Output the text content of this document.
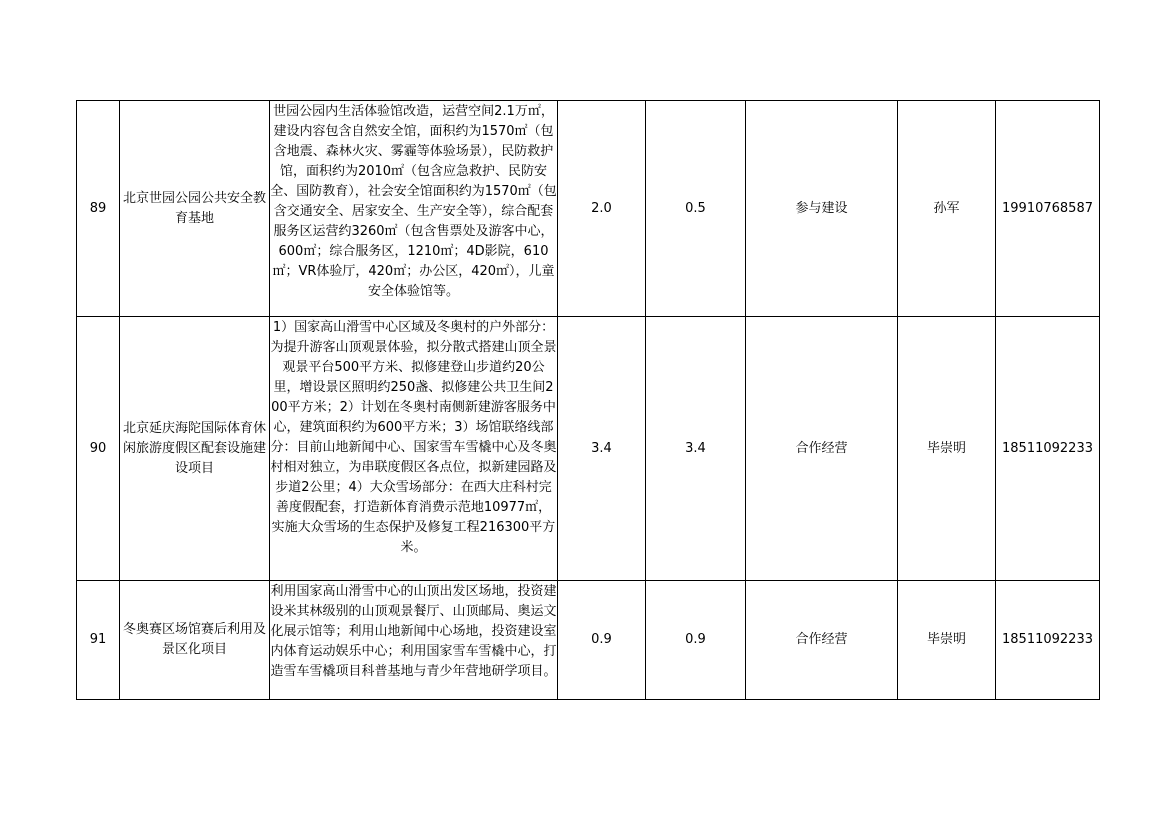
89	北京世园公园公共安全教育基地	世园公园内生活体验馆改造，运营空间2.1万㎡，建设内容包含自然安全馆，面积约为1570㎡（包含地震、森林火灾、雾霾等体验场景），民防救护馆，面积约为2010㎡（包含应急救护、民防安全、国防教育），社会安全馆面积约为1570㎡（包含交通安全、居家安全、生产安全等），综合配套服务区运营约3260㎡（包含售票处及游客中心，600㎡；综合服务区，1210㎡；4D影院，610㎡；VR体验厅，420㎡；办公区，420㎡），儿童安全体验馆等。	2.0	0.5	参与建设	孙军	19910768587
90	北京延庆海陀国际体育休闲旅游度假区配套设施建设项目	1）国家高山滑雪中心区域及冬奥村的户外部分：为提升游客山顶观景体验，拟分散式搭建山顶全景观景平台500平方米、拟修建登山步道约20公里，增设景区照明约250盏、拟修建公共卫生间200平方米；2）计划在冬奥村南侧新建游客服务中心，建筑面积约为600平方米；3）场馆联络线部分：目前山地新闻中心、国家雪车雪橇中心及冬奥村相对独立，为串联度假区各点位，拟新建园路及步道2公里；4）大众雪场部分：在西大庄科村完善度假配套，打造新体育消费示范地10977㎡，实施大众雪场的生态保护及修复工程216300平方米。	3.4	3.4	合作经营	毕崇明	18511092233
91	冬奥赛区场馆赛后利用及景区化项目	利用国家高山滑雪中心的山顶出发区场地，投资建设米其林级别的山顶观景餐厅、山顶邮局、奥运文化展示馆等；利用山地新闻中心场地，投资建设室内体育运动娱乐中心；利用国家雪车雪橇中心，打造雪车雪橇项目科普基地与青少年营地研学项目。	0.9	0.9	合作经营	毕崇明	18511092233
